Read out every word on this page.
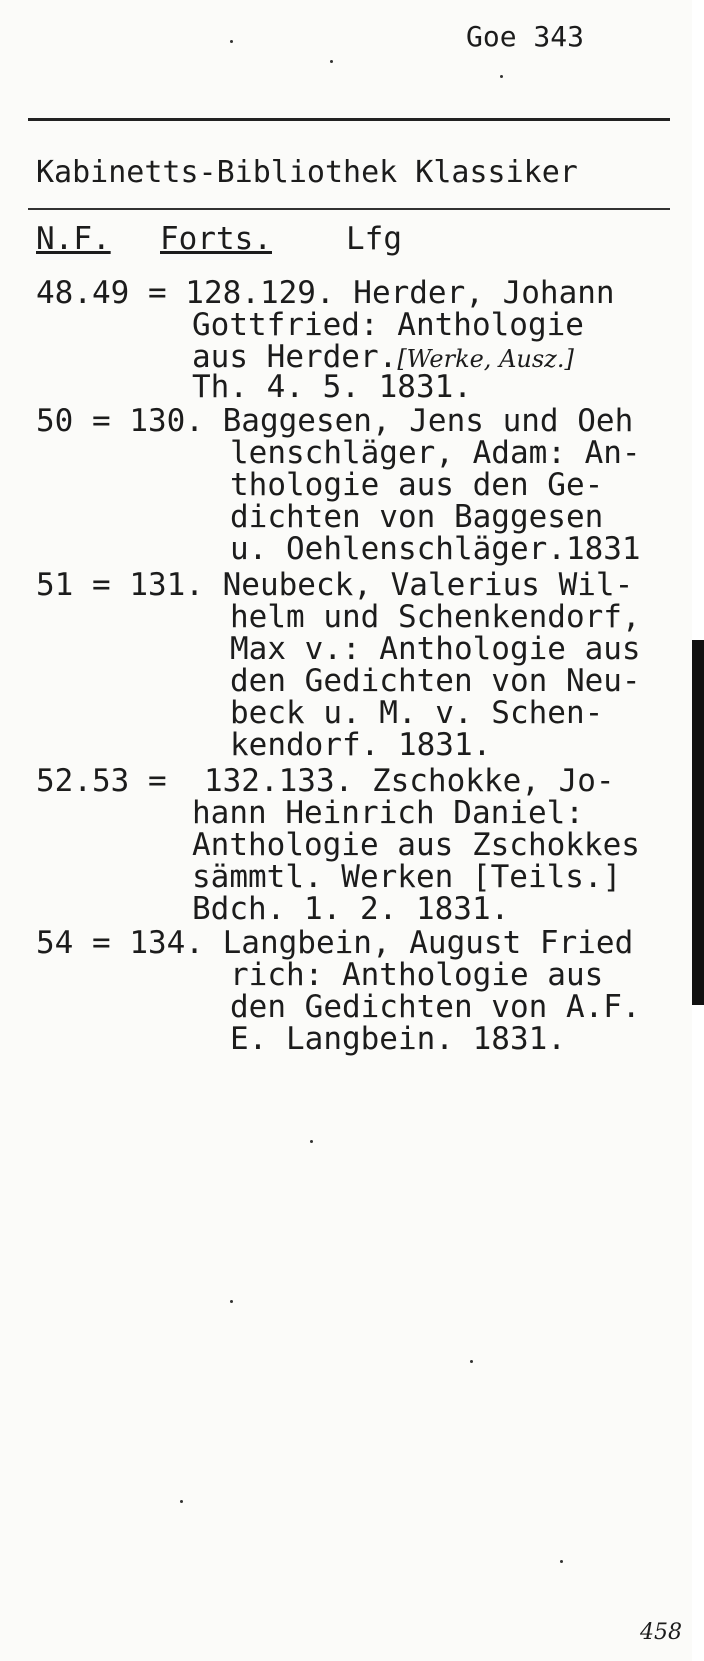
Goe 343
Kabinetts-Bibliothek Klassiker
N.F. Forts. Lfg
48.49 = 128.129. Herder, Johann
Gottfried: Anthologie
aus Herder.[Werke, Ausz.]
Th. 4. 5. 1831.
50 = 130. Baggesen, Jens und Oeh
lenschläger, Adam: An-
thologie aus den Ge-
dichten von Baggesen
u. Oehlenschläger.1831
51 = 131. Neubeck, Valerius Wil-
helm und Schenkendorf,
Max v.: Anthologie aus
den Gedichten von Neu-
beck u. M. v. Schen-
kendorf. 1831.
52.53 =  132.133. Zschokke, Jo-
hann Heinrich Daniel:
Anthologie aus Zschokkes
sämmtl. Werken [Teils.]
Bdch. 1. 2. 1831.
54 = 134. Langbein, August Fried
rich: Anthologie aus
den Gedichten von A.F.
E. Langbein. 1831.
458
